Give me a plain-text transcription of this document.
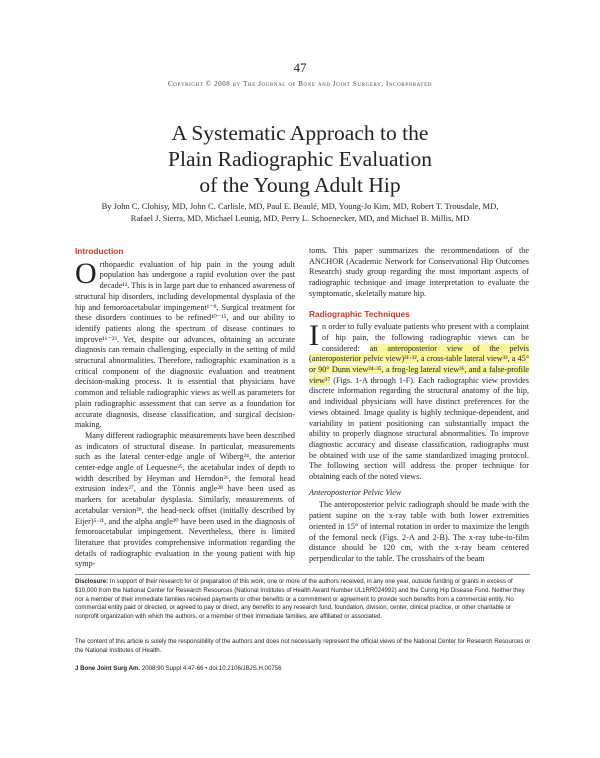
47
Copyright © 2008 by The Journal of Bone and Joint Surgery, Incorporated
A Systematic Approach to the
Plain Radiographic Evaluation
of the Young Adult Hip
By John C. Clohisy, MD, John C. Carlisle, MD, Paul E. Beaulé, MD, Young-Jo Kim, MD, Robert T. Trousdale, MD,
Rafael J. Sierra, MD, Michael Leunig, MD, Perry L. Schoenecker, MD, and Michael B. Millis, MD
Introduction

Orthopaedic evaluation of hip pain in the young adult population has undergone a rapid evolution over the past decade¹². This is in large part due to enhanced awareness of structural hip disorders, including developmental dysplasia of the hip and femoroacetabular impingement¹⁻⁹. Surgical treatment for these disorders continues to be refined¹⁰⁻¹⁵, and our ability to identify patients along the spectrum of disease continues to improve¹⁶⁻²³. Yet, despite our advances, obtaining an accurate diagnosis can remain challenging, especially in the setting of mild structural abnormalities. Therefore, radiographic examination is a critical component of the diagnostic evaluation and treatment decision-making process. It is essential that physicians have common and reliable radiographic views as well as parameters for plain radiographic assessment that can serve as a foundation for accurate diagnosis, disease classification, and surgical decision-making.

Many different radiographic measurements have been described as indicators of structural disease. In particular, measurements such as the lateral center-edge angle of Wiberg²⁴, the anterior center-edge angle of Lequesne²⁵, the acetabular index of depth to width described by Heyman and Herndon²⁶, the femoral head extrusion index²⁷, and the Tönnis angle²⁸ have been used as markers for acetabular dysplasia. Similarly, measurements of acetabular version²⁹, the head-neck offset (initially described by Eijer)⁵·²¹, and the alpha angle³⁰ have been used in the diagnosis of femoroacetabular impingement. Nevertheless, there is limited literature that provides comprehensive information regarding the details of radiographic evaluation in the young patient with hip symp-

toms. This paper summarizes the recommendations of the ANCHOR (Academic Network for Conservational Hip Outcomes Research) study group regarding the most important aspects of radiographic technique and image interpretation to evaluate the symptomatic, skeletally mature hip.

Radiographic Techniques

In order to fully evaluate patients who present with a complaint of hip pain, the following radiographic views can be considered: an anteroposterior view of the pelvis (anteroposterior pelvic view)³¹·³², a cross-table lateral view³³, a 45° or 90° Dunn view³⁴·³⁵, a frog-leg lateral view³⁶, and a false-profile view³⁷ (Figs. 1-A through 1-F). Each radiographic view provides discrete information regarding the structural anatomy of the hip, and individual physicians will have distinct preferences for the views obtained. Image quality is highly technique-dependent, and variability in patient positioning can substantially impact the ability to properly diagnose structural abnormalities. To improve diagnostic accuracy and disease classification, radiographs must be obtained with use of the same standardized imaging protocol. The following section will address the proper technique for obtaining each of the noted views.

Anteroposterior Pelvic View

The anteroposterior pelvic radiograph should be made with the patient supine on the x-ray table with both lower extremities oriented in 15° of internal rotation in order to maximize the length of the femoral neck (Figs. 2-A and 2-B). The x-ray tube-to-film distance should be 120 cm, with the x-ray beam centered perpendicular to the table. The crosshairs of the beam

Disclosure: In support of their research for or preparation of this work, one or more of the authors received, in any one year, outside funding or grants in excess of $10,000 from the National Center for Research Resources (National Institutes of Health Award Number UL1RR024992) and the Curing Hip Disease Fund. Neither they nor a member of their immediate families received payments or other benefits or a commitment or agreement to provide such benefits from a commercial entity. No commercial entity paid or directed, or agreed to pay or direct, any benefits to any research fund, foundation, division, center, clinical practice, or other charitable or nonprofit organization with which the authors, or a member of their immediate families, are affiliated or associated.
The content of this article is solely the responsibility of the authors and does not necessarily represent the official views of the National Center for Research Resources or the National Institutes of Health.
J Bone Joint Surg Am. 2008;90 Suppl 4:47-66 • doi:10.2106/JBJS.H.00756
